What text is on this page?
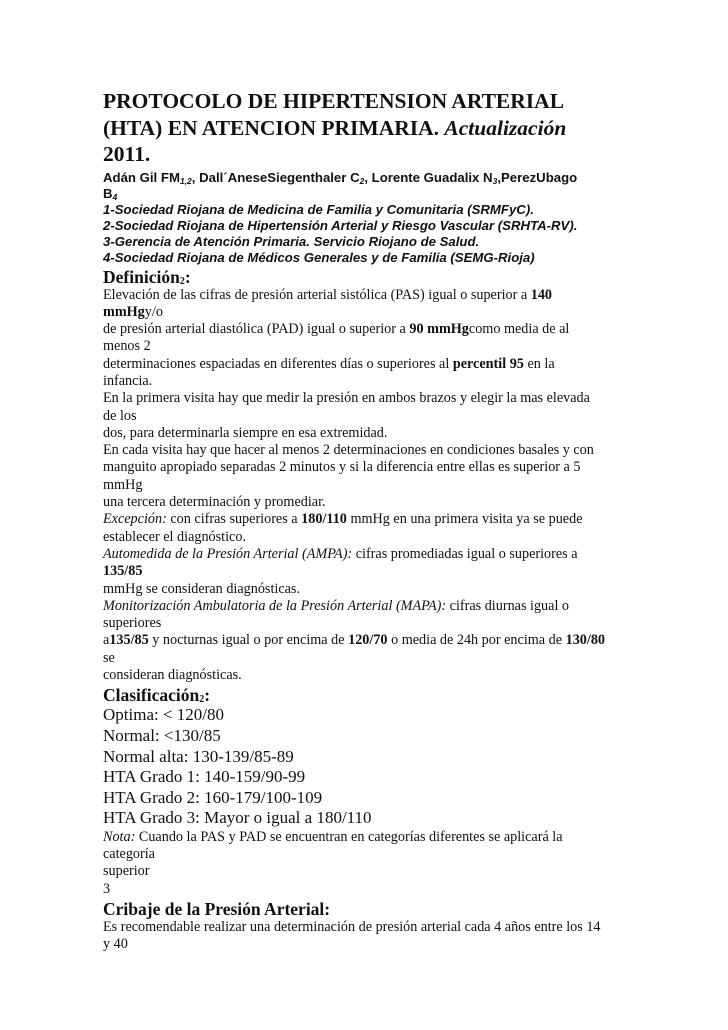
PROTOCOLO DE HIPERTENSION ARTERIAL
(HTA) EN ATENCION PRIMARIA. Actualización
2011.
Adán Gil $FM_{1,2}$, Dall´AneseSiegenthaler $C_2$, Lorente Guadalix $N_3,PerezUbago$
$B_4$
1-Sociedad Riojana de Medicina de Familia y Comunitaria (SRMFyC).
2-Sociedad Riojana de Hipertensión Arterial y Riesgo Vascular (SRHTA-RV).
3-Gerencia de Atención Primaria. Servicio Riojano de Salud.
4-Sociedad Riojana de Médicos Generales y de Familia (SEMG-Rioja)
Definición$_2$:
Elevación de las cifras de presión arterial sistólica (PAS) igual o superior a 140
mmHgy/o
de presión arterial diastólica (PAD) igual o superior a 90 mmHgcomo media de al
menos 2
determinaciones espaciadas en diferentes días o superiores al percentil 95 en la
infancia.
En la primera visita hay que medir la presión en ambos brazos y elegir la mas elevada
de los
dos, para determinarla siempre en esa extremidad.
En cada visita hay que hacer al menos 2 determinaciones en condiciones basales y con
manguito apropiado separadas 2 minutos y si la diferencia entre ellas es superior a 5
mmHg
una tercera determinación y promediar.
Excepción: con cifras superiores a 180/110 mmHg en una primera visita ya se puede
establecer el diagnóstico.
Automedida de la Presión Arterial (AMPA): cifras promediadas igual o superiores a
135/85
mmHg se consideran diagnósticas.
Monitorización Ambulatoria de la Presión Arterial (MAPA): cifras diurnas igual o
superiores
a135/85 y nocturnas igual o por encima de 120/70 o media de 24h por encima de 130/80
se
consideran diagnósticas.
Clasificación$_2$:
Optima: < 120/80
Normal: <130/85
Normal alta: 130-139/85-89
HTA Grado 1: 140-159/90-99
HTA Grado 2: 160-179/100-109
HTA Grado 3: Mayor o igual a 180/110
Nota: Cuando la PAS y PAD se encuentran en categorías diferentes se aplicará la
categoría
superior
3
Cribaje de la Presión Arterial:
Es recomendable realizar una determinación de presión arterial cada 4 años entre los 14
y 40
